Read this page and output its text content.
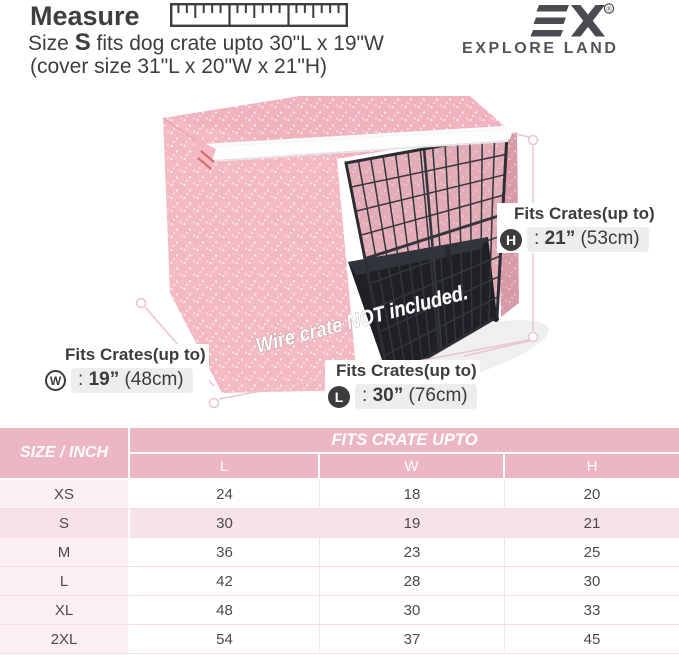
Measure
Size S fits dog crate upto 30"L x 19"W
(cover size 31"L x 20"W x 21"H)
®
EXPLORE LAND
Wire crate NOT included.
Fits Crates(up to)
H : 21” (53cm)
Fits Crates(up to)
W : 19” (48cm)	Fits Crates(up to)
L : 30” (76cm)
SIZE / INCH	FITS CRATE UPTO		
	L	W	H
XS	24	18	20
S	30	19	21
M	36	23	25
L	42	28	30
XL	48	30	33
2XL	54	37	45
